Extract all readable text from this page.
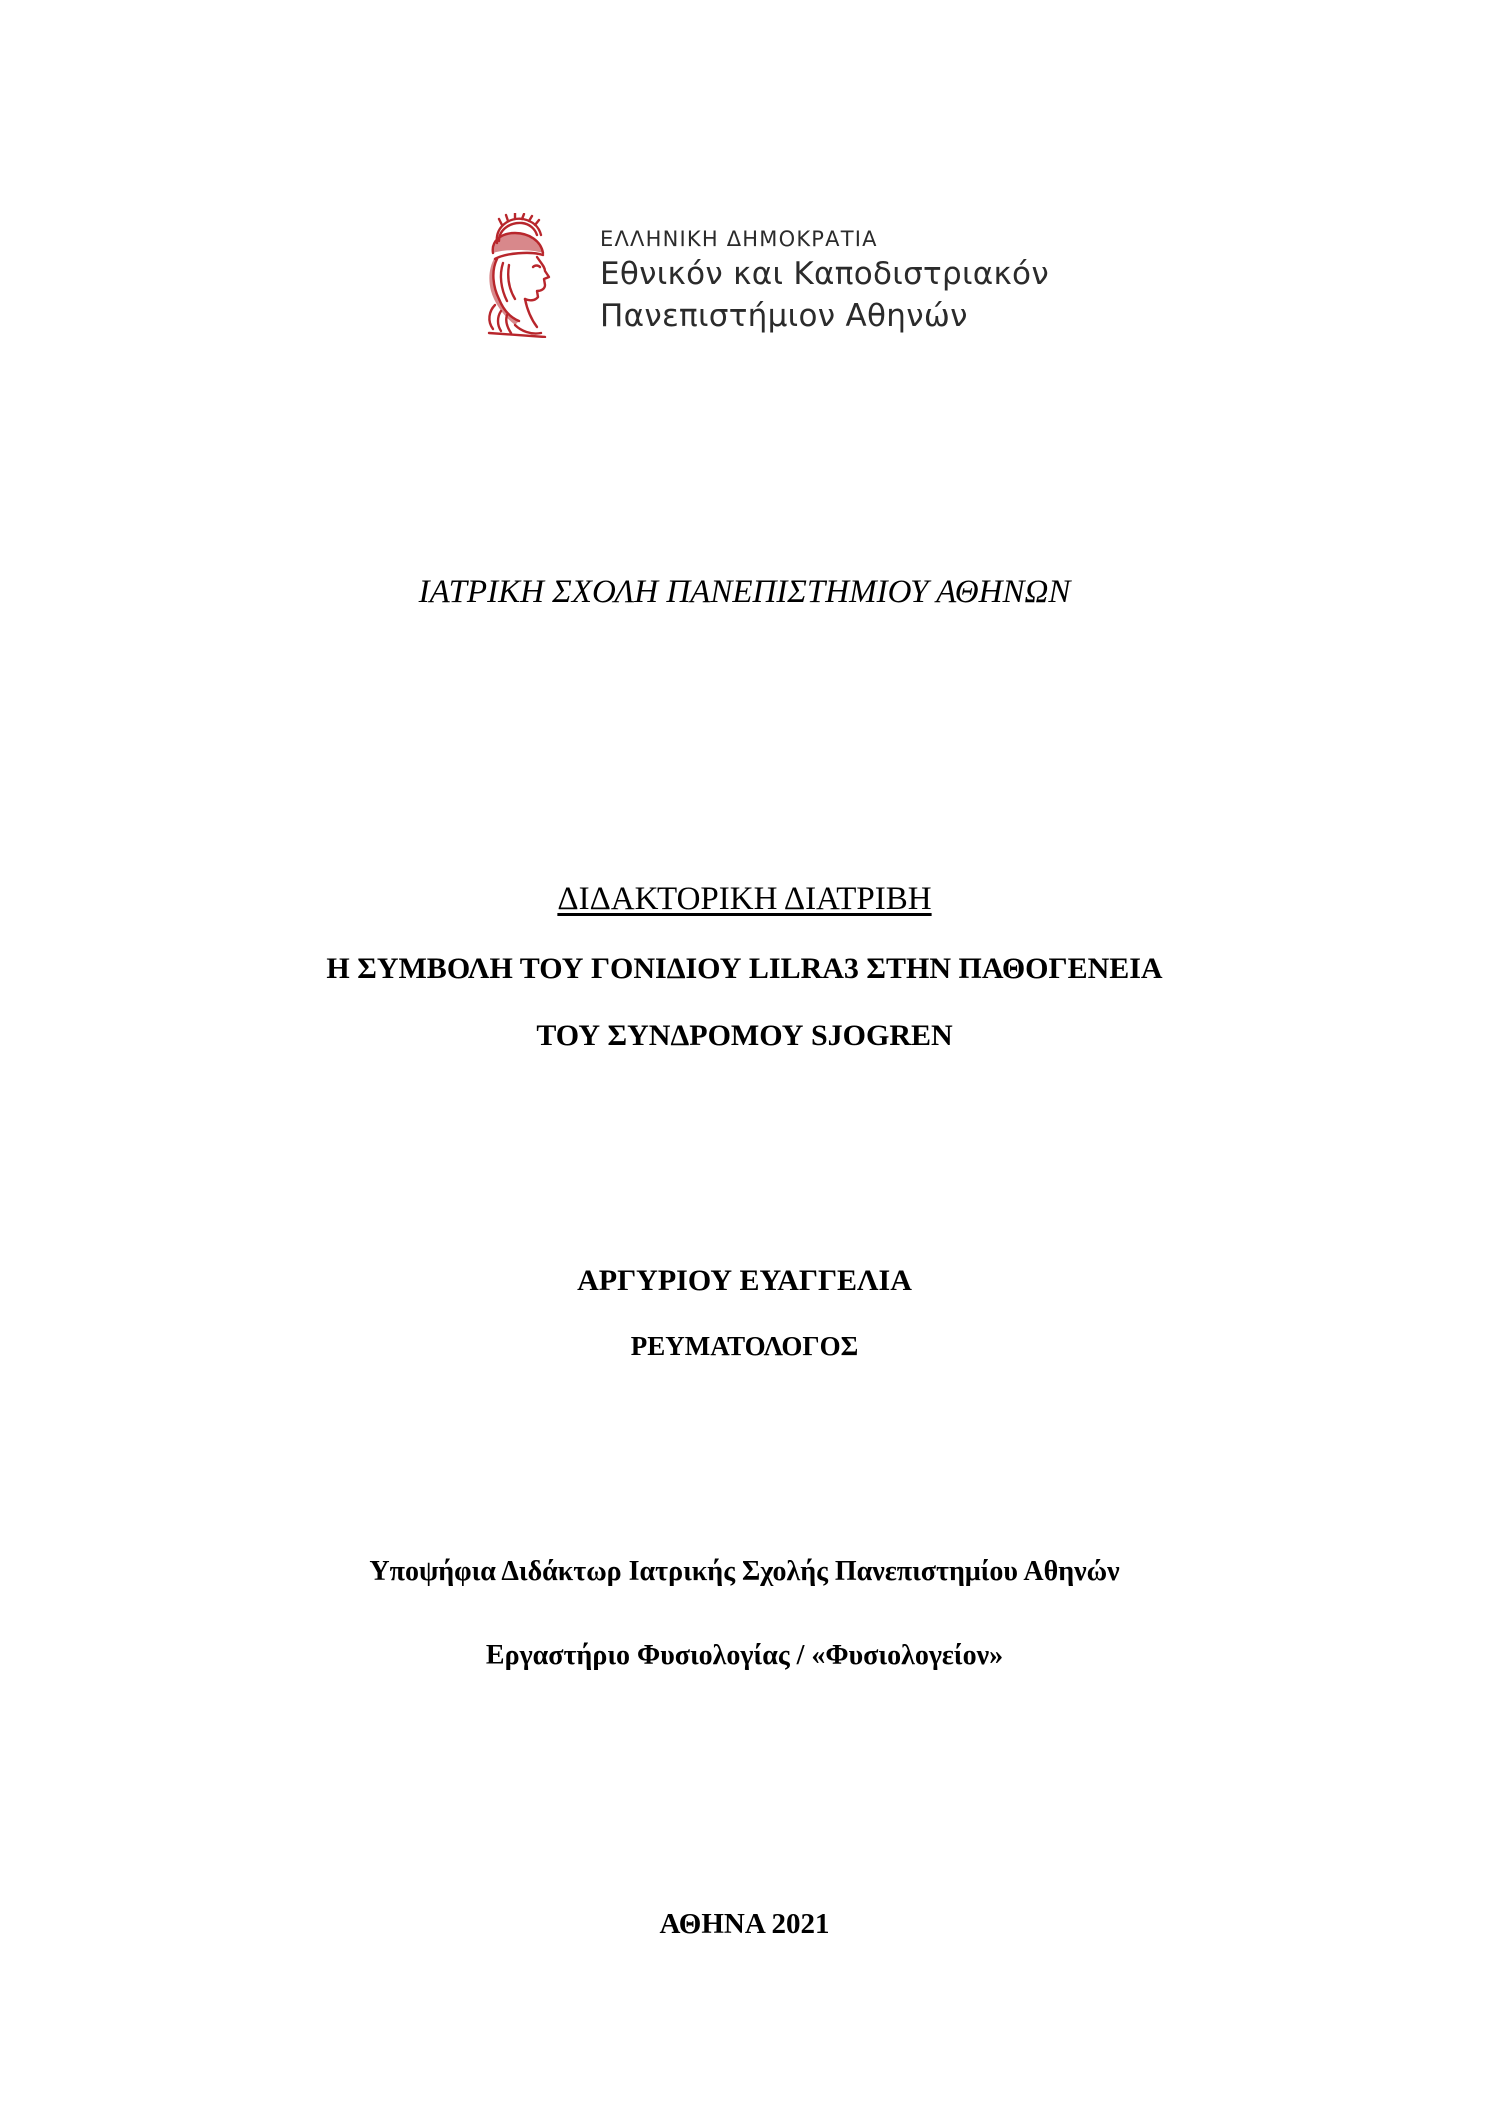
ΕΛΛΗΝΙΚΗ ΔΗΜΟΚΡΑΤΙΑ
Εθνικόν και Καποδιστριακόν
Πανεπιστήμιον Αθηνών
ΙΑΤΡΙΚΗ ΣΧΟΛΗ ΠΑΝΕΠΙΣΤΗΜΙΟΥ ΑΘΗΝΩΝ
ΔΙΔΑΚΤΟΡΙΚΗ ΔΙΑΤΡΙΒΗ
Η ΣΥΜΒΟΛΗ ΤΟΥ ΓΟΝΙΔΙΟΥ LILRA3 ΣΤΗΝ ΠΑΘΟΓΕΝΕΙΑ
ΤΟΥ ΣΥΝΔΡΟΜΟΥ SJOGREN
ΑΡΓΥΡΙΟΥ ΕΥΑΓΓΕΛΙΑ
ΡΕΥΜΑΤΟΛΟΓΟΣ
Υποψήφια Διδάκτωρ Ιατρικής Σχολής Πανεπιστημίου Αθηνών
Εργαστήριο Φυσιολογίας / «Φυσιολογείον»
ΑΘΗΝΑ 2021
